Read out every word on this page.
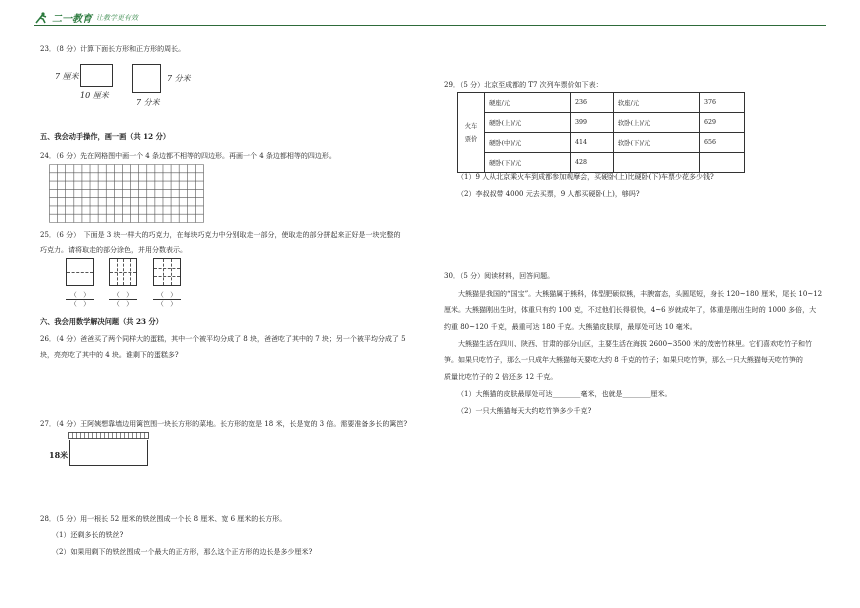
二一教育 让教学更有效
23．（8 分）计算下面长方形和正方形的周长。
7 厘米
10 厘米
7 分米
7 分米
五、我会动手操作，画一画（共 12 分）
24．（6 分）先在网格图中画一个 4 条边都不相等的四边形。再画一个 4 条边都相等的四边形。
25．（6 分）　下面是 3 块一样大的巧克力，在每块巧克力中分别取走一部分，使取走的部分拼起来正好是一块完整的
巧克力。请将取走的部分涂色，并用分数表示。
（　）
（　）
（　）
（　）
（　）
（　）
六、我会用数学解决问题（共 23 分）
26．（4 分）爸爸买了两个同样大的蛋糕，其中一个被平均分成了 8 块，爸爸吃了其中的 7 块；另一个被平均分成了 5
块，亮亮吃了其中的 4 块。谁剩下的蛋糕多?
27．（4 分）王阿姨想靠墙边用篱笆围一块长方形的菜地。长方形的宽是 18 米，长是宽的 3 倍。需要准备多长的篱笆?
18米
28．（5 分）用一根长 52 厘米的铁丝围成一个长 8 厘米、宽 6 厘米的长方形。
（1）还剩多长的铁丝?
（2）如果用剩下的铁丝围成一个最大的正方形，那么这个正方形的边长是多少厘米?
29．（5 分）北京至成都的 T7 次列车票价如下表：
火车
票价	硬座/元	236	软座/元	376
	硬卧(上)/元	399	软卧(上)/元	629
	硬卧(中)/元	414	软卧(下)/元	656
	硬卧(下)/元	428		
（1）9 人从北京乘火车到成都参加观摩会，买硬卧(上)比硬卧(下)车票少花多少钱?
（2）李叔叔带 4000 元去买票，9 人都买硬卧(上)，够吗?
30．（5 分）阅读材料，回答问题。
　　大熊猫是我国的“国宝”。大熊猫属于熊科，体型肥硕似熊，丰腴富态，头圆尾短，身长 120~180 厘米，尾长 10~12
厘米。大熊猫刚出生时，体重只有约 100 克，不过他们长得很快，4~6 岁就成年了，体重是刚出生时的 1000 多倍，大
约重 80~120 千克，最重可达 180 千克。大熊猫皮肤厚，最厚处可达 10 毫米。
　　大熊猫生活在四川、陕西、甘肃的部分山区，主要生活在海拔 2600~3500 米的茂密竹林里。它们喜欢吃竹子和竹
笋。如果只吃竹子，那么一只成年大熊猫每天要吃大约 8 千克的竹子；如果只吃竹笋，那么一只大熊猫每天吃竹笋的
质量比吃竹子的 2 倍还多 12 千克。
（1）大熊猫的皮肤最厚处可达________毫米，也就是________厘米。
（2）一只大熊猫每天大约吃竹笋多少千克?
